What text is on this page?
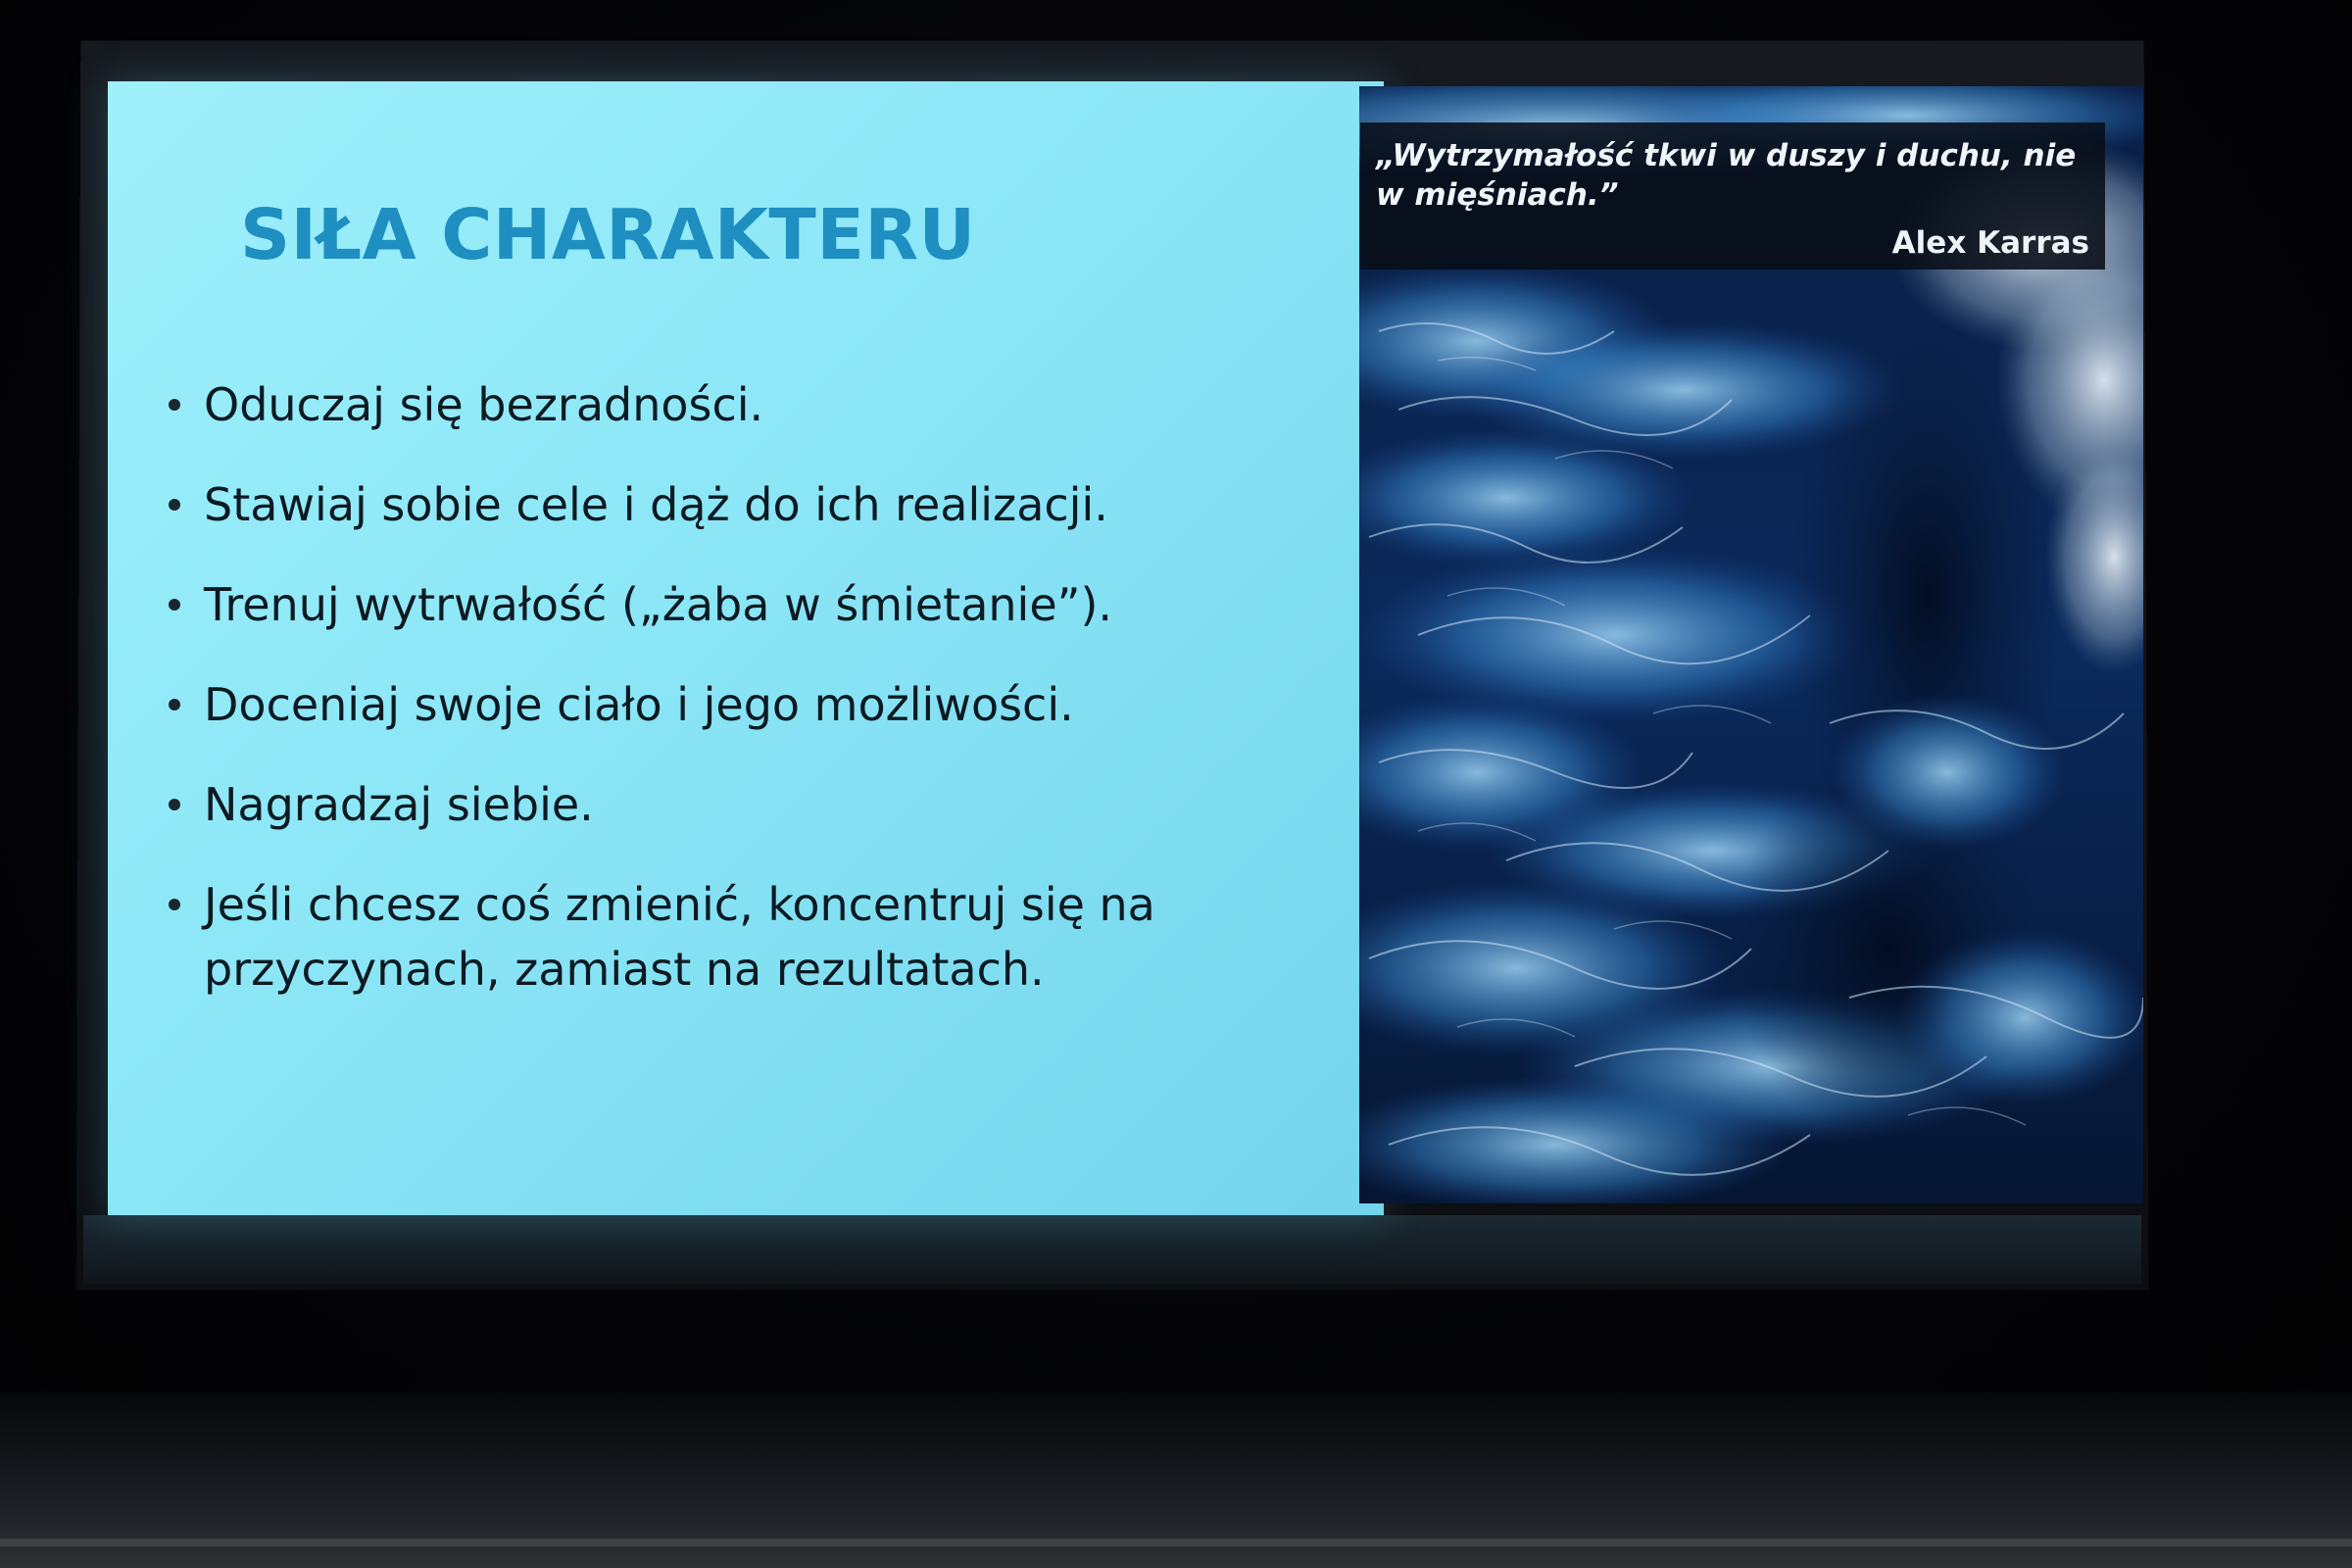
SIŁA CHARAKTERU
Oduczaj się bezradności.
Stawiaj sobie cele i dąż do ich realizacji.
Trenuj wytrwałość („żaba w śmietanie”).
Doceniaj swoje ciało i jego możliwości.
Nagradzaj siebie.
Jeśli chcesz coś zmienić, koncentruj się na przyczynach, zamiast na rezultatach.
„Wytrzymałość tkwi w duszy i duchu, nie w mięśniach.”
Alex Karras
